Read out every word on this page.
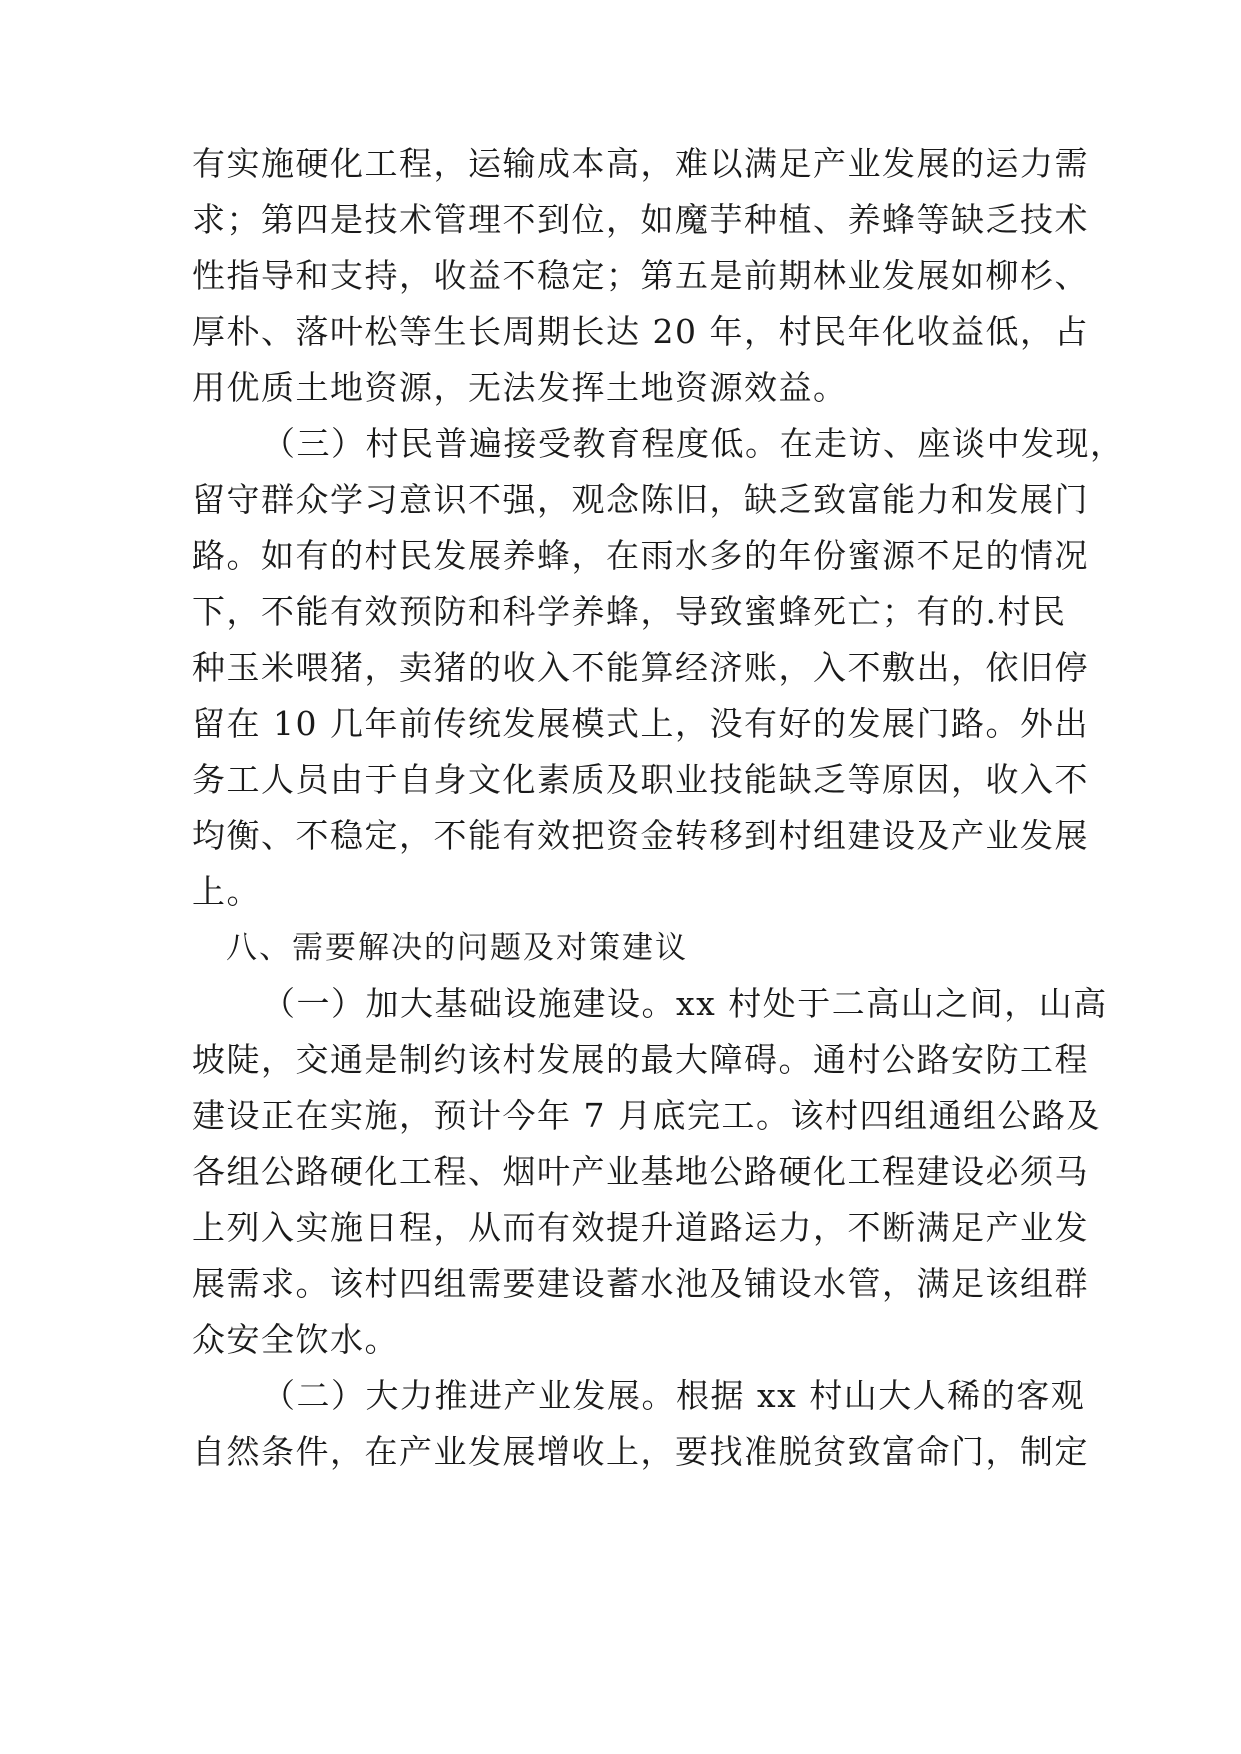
有实施硬化工程，运输成本高，难以满足产业发展的运力需
求；第四是技术管理不到位，如魔芋种植、养蜂等缺乏技术
性指导和支持，收益不稳定；第五是前期林业发展如柳杉、
厚朴、落叶松等生长周期长达 20 年，村民年化收益低，占
用优质土地资源，无法发挥土地资源效益。
（三）村民普遍接受教育程度低。在走访、座谈中发现，
留守群众学习意识不强，观念陈旧，缺乏致富能力和发展门
路。如有的村民发展养蜂，在雨水多的年份蜜源不足的情况
下，不能有效预防和科学养蜂，导致蜜蜂死亡；有的.村民
种玉米喂猪，卖猪的收入不能算经济账，入不敷出，依旧停
留在 10 几年前传统发展模式上，没有好的发展门路。外出
务工人员由于自身文化素质及职业技能缺乏等原因，收入不
均衡、不稳定，不能有效把资金转移到村组建设及产业发展
上。
八、需要解决的问题及对策建议
（一）加大基础设施建设。xx 村处于二高山之间，山高
坡陡，交通是制约该村发展的最大障碍。通村公路安防工程
建设正在实施，预计今年 7 月底完工。该村四组通组公路及
各组公路硬化工程、烟叶产业基地公路硬化工程建设必须马
上列入实施日程，从而有效提升道路运力，不断满足产业发
展需求。该村四组需要建设蓄水池及铺设水管，满足该组群
众安全饮水。
（二）大力推进产业发展。根据 xx 村山大人稀的客观
自然条件，在产业发展增收上，要找准脱贫致富命门，制定
